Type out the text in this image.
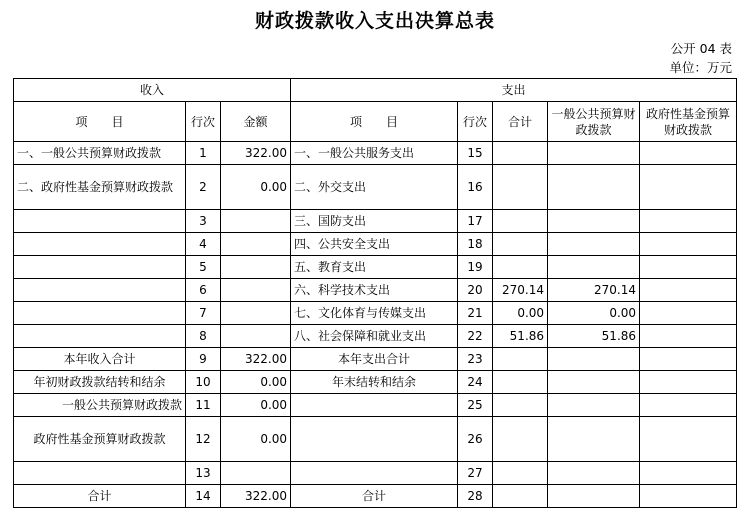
财政拨款收入支出决算总表
公开 04 表
单位：万元
收入			支出				
项　　目	行次	金额	项　　目	行次	合计	一般公共预算财政拨款	政府性基金预算财政拨款
一、一般公共预算财政拨款	1	322.00	一、一般公共服务支出	15			
二、政府性基金预算财政拨款	2	0.00	二、外交支出	16			
	3		三、国防支出	17			
	4		四、公共安全支出	18			
	5		五、教育支出	19			
	6		六、科学技术支出	20	270.14	270.14	
	7		七、文化体育与传媒支出	21	0.00	0.00	
	8		八、社会保障和就业支出	22	51.86	51.86	
本年收入合计	9	322.00	本年支出合计	23			
年初财政拨款结转和结余	10	0.00	年末结转和结余	24			
一般公共预算财政拨款	11	0.00		25			
政府性基金预算财政拨款	12	0.00		26			
	13			27			
合计	14	322.00	合计	28			
